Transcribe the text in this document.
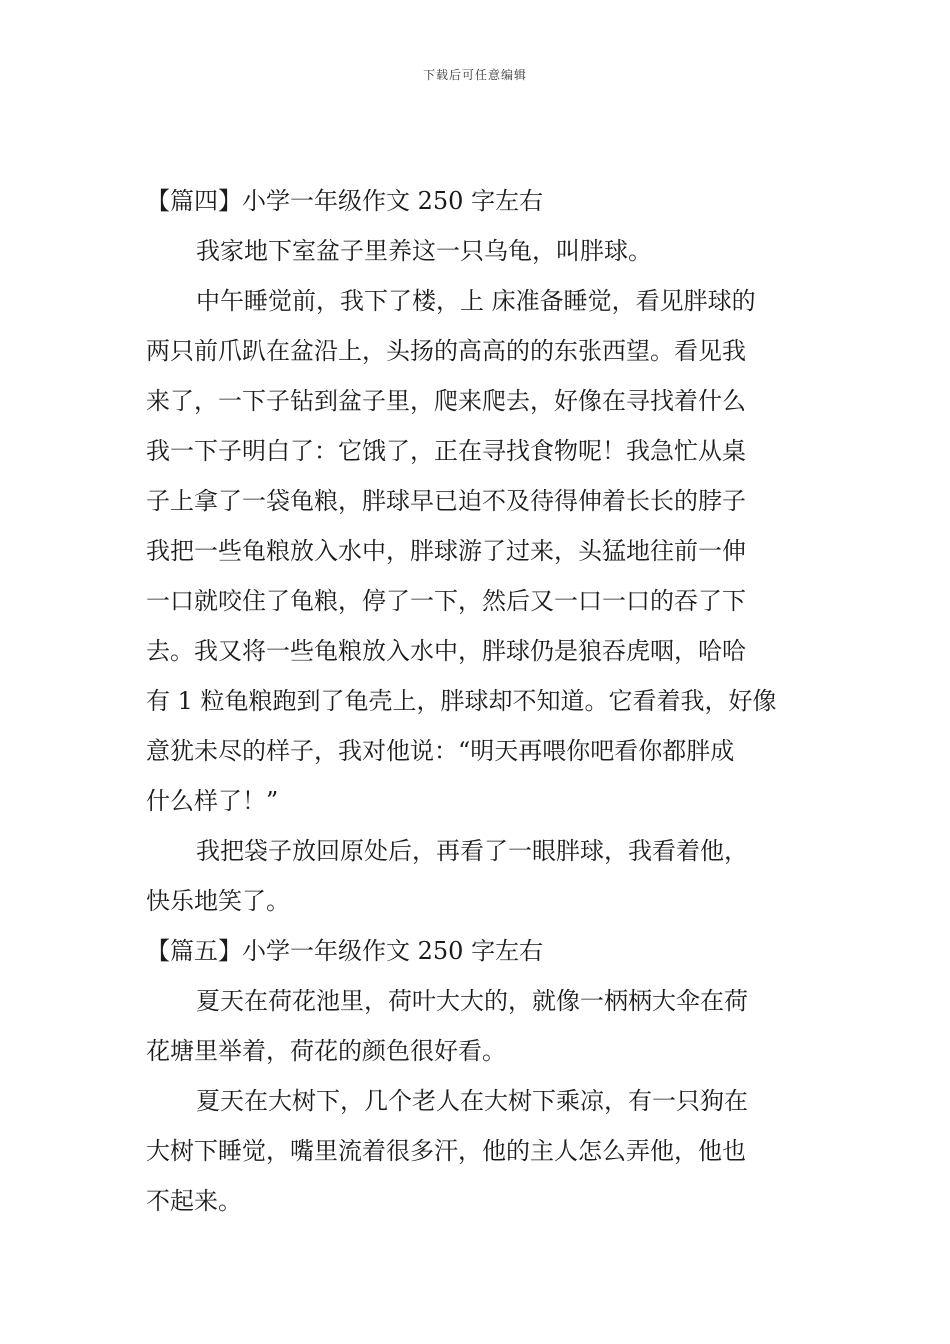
下载后可任意编辑
【篇四】小学一年级作文 250 字左右
我家地下室盆子里养这一只乌龟，叫胖球。
中午睡觉前，我下了楼，上 床准备睡觉，看见胖球的
两只前爪趴在盆沿上，头扬的高高的的东张西望。看见我
来了，一下子钻到盆子里，爬来爬去，好像在寻找着什么
我一下子明白了：它饿了，正在寻找食物呢！我急忙从桌
子上拿了一袋龟粮，胖球早已迫不及待得伸着长长的脖子
我把一些龟粮放入水中，胖球游了过来，头猛地往前一伸
一口就咬住了龟粮，停了一下，然后又一口一口的吞了下
去。我又将一些龟粮放入水中，胖球仍是狼吞虎咽，哈哈
有 1 粒龟粮跑到了龟壳上，胖球却不知道。它看着我，好像
意犹未尽的样子，我对他说：“明天再喂你吧看你都胖成
什么样了！”
我把袋子放回原处后，再看了一眼胖球，我看着他，
快乐地笑了。
【篇五】小学一年级作文 250 字左右
夏天在荷花池里，荷叶大大的，就像一柄柄大伞在荷
花塘里举着，荷花的颜色很好看。
夏天在大树下，几个老人在大树下乘凉，有一只狗在
大树下睡觉，嘴里流着很多汗，他的主人怎么弄他，他也
不起来。
